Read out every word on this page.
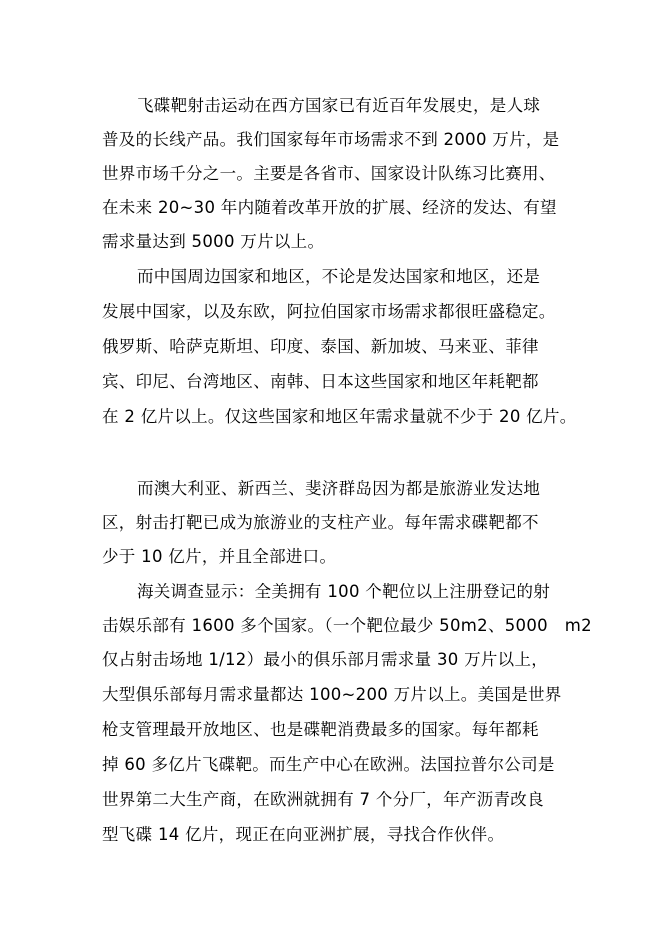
飞碟靶射击运动在西方国家已有近百年发展史，是人球
普及的长线产品。我们国家每年市场需求不到 2000 万片，是
世界市场千分之一。主要是各省市、国家设计队练习比赛用、
在未来 20~30 年内随着改革开放的扩展、经济的发达、有望
需求量达到 5000 万片以上。
而中国周边国家和地区，不论是发达国家和地区，还是
发展中国家，以及东欧，阿拉伯国家市场需求都很旺盛稳定。
俄罗斯、哈萨克斯坦、印度、泰国、新加坡、马来亚、菲律
宾、印尼、台湾地区、南韩、日本这些国家和地区年耗靶都
在 2 亿片以上。仅这些国家和地区年需求量就不少于 20 亿片。
而澳大利亚、新西兰、斐济群岛因为都是旅游业发达地
区，射击打靶已成为旅游业的支柱产业。每年需求碟靶都不
少于 10 亿片，并且全部进口。
海关调查显示：全美拥有 100 个靶位以上注册登记的射
击娱乐部有 1600 多个国家。（一个靶位最少 50m2、5000　m2
仅占射击场地 1/12）最小的俱乐部月需求量 30 万片以上，
大型俱乐部每月需求量都达 100~200 万片以上。美国是世界
枪支管理最开放地区、也是碟靶消费最多的国家。每年都耗
掉 60 多亿片飞碟靶。而生产中心在欧洲。法国拉普尔公司是
世界第二大生产商，在欧洲就拥有 7 个分厂，年产沥青改良
型飞碟 14 亿片，现正在向亚洲扩展，寻找合作伙伴。
